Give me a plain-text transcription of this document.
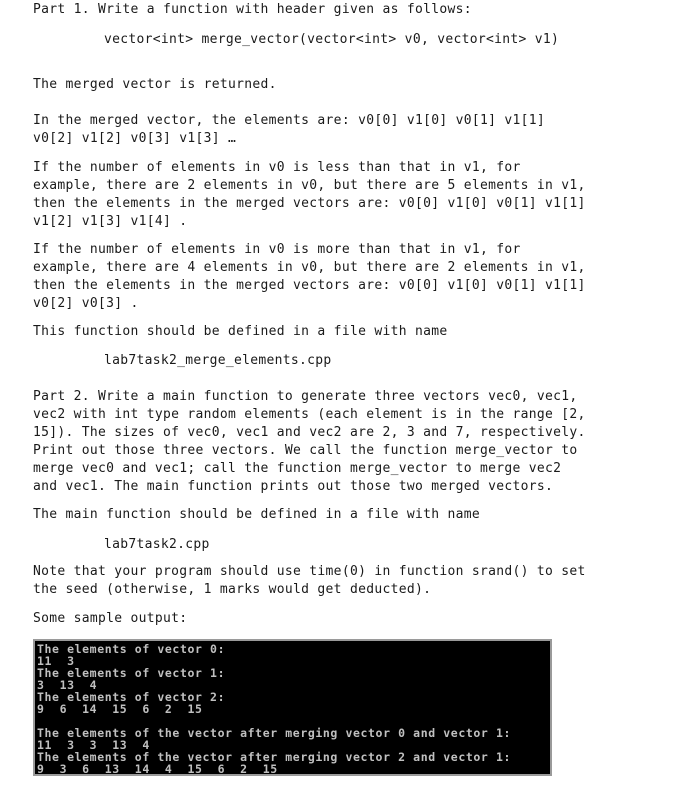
Part 1. Write a function with header given as follows:
vector<int> merge_vector(vector<int> v0, vector<int> v1)
The merged vector is returned.
In the merged vector, the elements are: v0[0] v1[0] v0[1] v1[1]
v0[2] v1[2] v0[3] v1[3] …
If the number of elements in v0 is less than that in v1, for
example, there are 2 elements in v0, but there are 5 elements in v1,
then the elements in the merged vectors are: v0[0] v1[0] v0[1] v1[1]
v1[2] v1[3] v1[4] .
If the number of elements in v0 is more than that in v1, for
example, there are 4 elements in v0, but there are 2 elements in v1,
then the elements in the merged vectors are: v0[0] v1[0] v0[1] v1[1]
v0[2] v0[3] .
This function should be defined in a file with name
lab7task2_merge_elements.cpp
Part 2. Write a main function to generate three vectors vec0, vec1,
vec2 with int type random elements (each element is in the range [2,
15]). The sizes of vec0, vec1 and vec2 are 2, 3 and 7, respectively.
Print out those three vectors. We call the function merge_vector to
merge vec0 and vec1; call the function merge_vector to merge vec2
and vec1. The main function prints out those two merged vectors.
The main function should be defined in a file with name
lab7task2.cpp
Note that your program should use time(0) in function srand() to set
the seed (otherwise, 1 marks would get deducted).
Some sample output:
The elements of vector 0:
11  3
The elements of vector 1:
3  13  4
The elements of vector 2:
9  6  14  15  6  2  15
The elements of the vector after merging vector 0 and vector 1:
11  3  3  13  4
The elements of the vector after merging vector 2 and vector 1:
9  3  6  13  14  4  15  6  2  15
